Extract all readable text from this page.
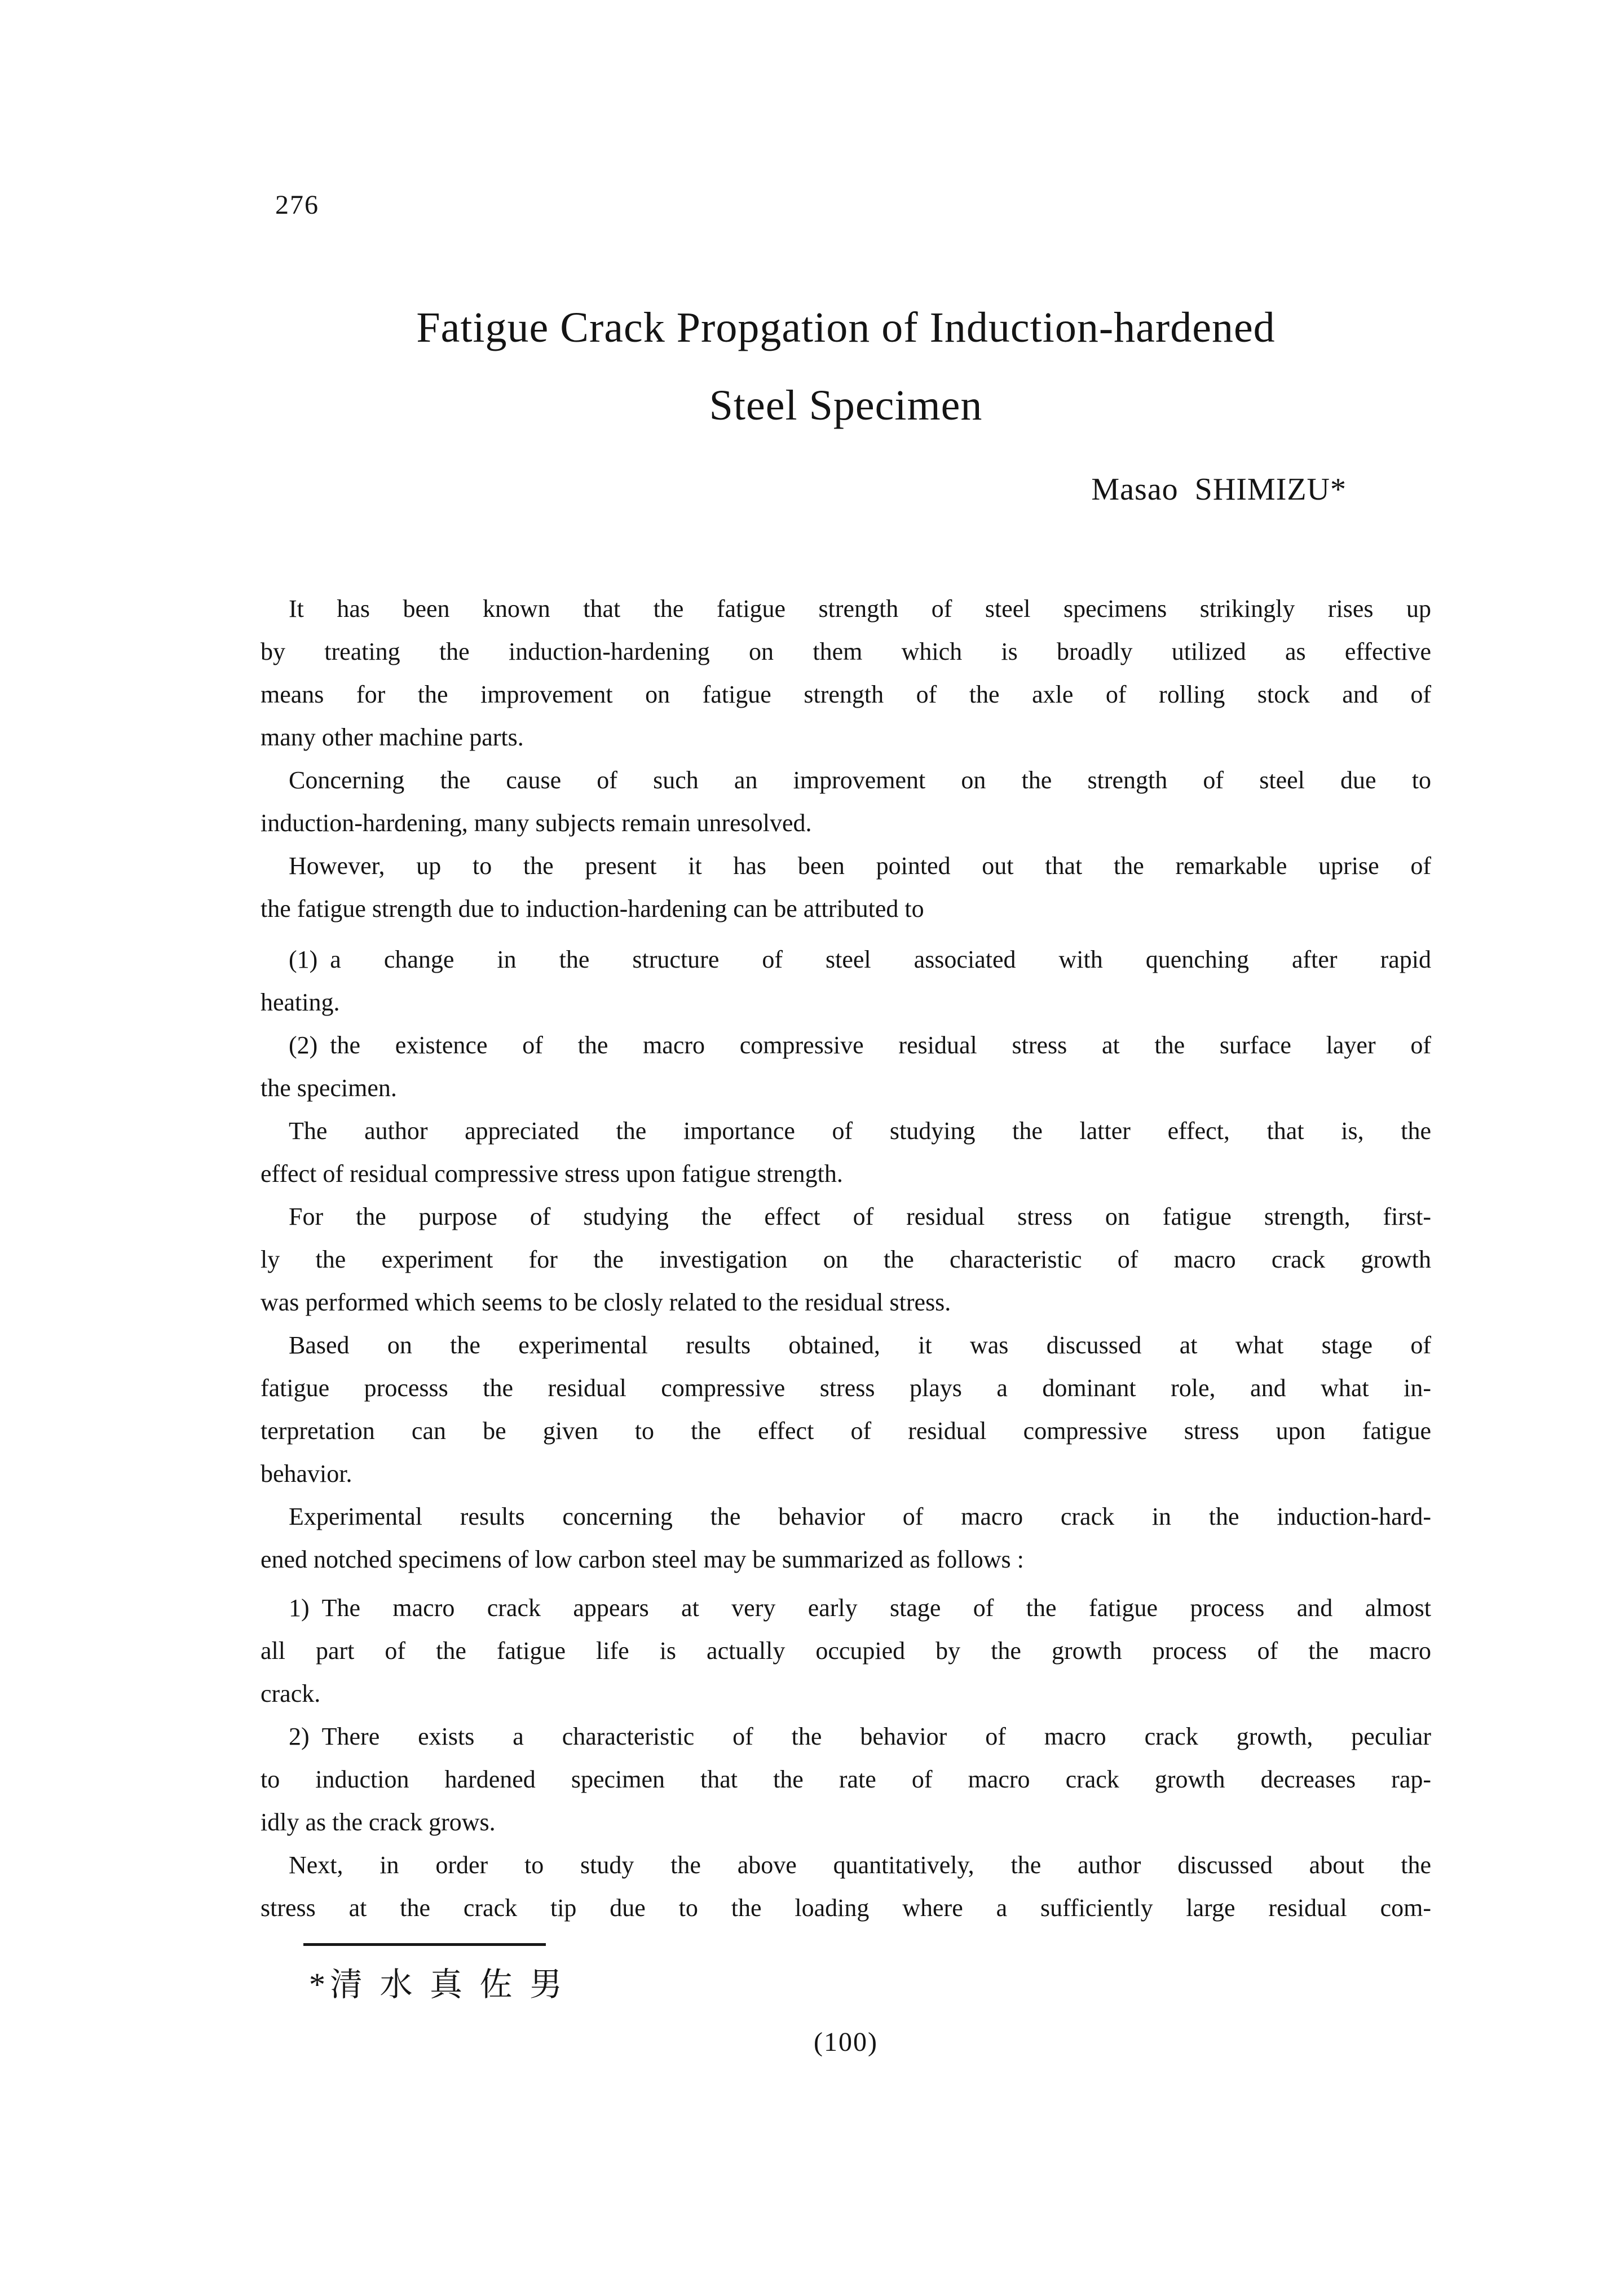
276
Fatigue Crack Propgation of Induction-hardened
Steel Specimen
Masao SHIMIZU*
It has been known that the fatigue strength of steel specimens strikingly rises up
by treating the induction-hardening on them which is broadly utilized as effective
means for the improvement on fatigue strength of the axle of rolling stock and of
many other machine parts.
Concerning the cause of such an improvement on the strength of steel due to
induction-hardening, many subjects remain unresolved.
However, up to the present it has been pointed out that the remarkable uprise of
the fatigue strength due to induction-hardening can be attributed to
(1) a change in the structure of steel associated with quenching after rapid
heating.
(2) the existence of the macro compressive residual stress at the surface layer of
the specimen.
The author appreciated the importance of studying the latter effect, that is, the
effect of residual compressive stress upon fatigue strength.
For the purpose of studying the effect of residual stress on fatigue strength, first-
ly the experiment for the investigation on the characteristic of macro crack growth
was performed which seems to be closly related to the residual stress.
Based on the experimental results obtained, it was discussed at what stage of
fatigue processs the residual compressive stress plays a dominant role, and what in-
terpretation can be given to the effect of residual compressive stress upon fatigue
behavior.
Experimental results concerning the behavior of macro crack in the induction-hard-
ened notched specimens of low carbon steel may be summarized as follows :
1) The macro crack appears at very early stage of the fatigue process and almost
all part of the fatigue life is actually occupied by the growth process of the macro
crack.
2) There exists a characteristic of the behavior of macro crack growth, peculiar
to induction hardened specimen that the rate of macro crack growth decreases rap-
idly as the crack grows.
Next, in order to study the above quantitatively, the author discussed about the
stress at the crack tip due to the loading where a sufficiently large residual com-
*清 水 真 佐 男
(100)
